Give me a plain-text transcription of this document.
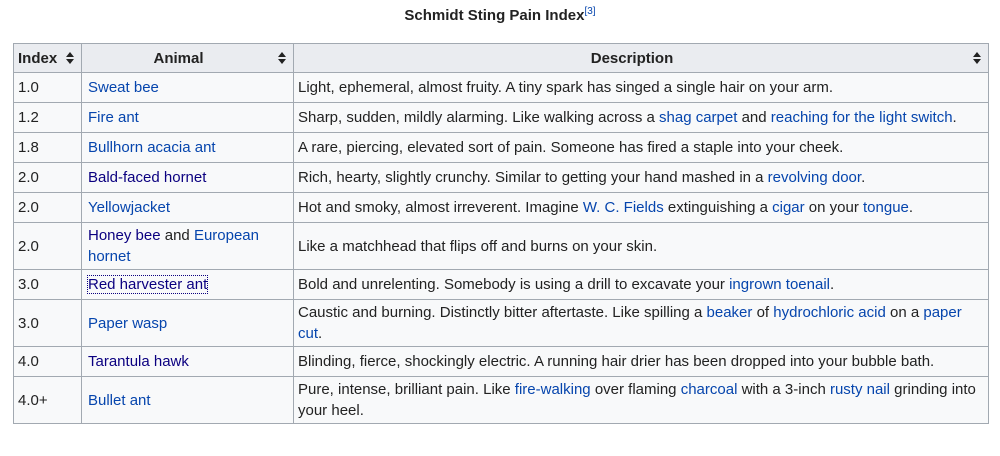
Schmidt Sting Pain Index[3]
Index	Animal	Description

1.0	Sweat bee	Light, ephemeral, almost fruity. A tiny spark has singed a single hair on your arm.
1.2	Fire ant	Sharp, sudden, mildly alarming. Like walking across a shag carpet and reaching for the light switch.
1.8	Bullhorn acacia ant	A rare, piercing, elevated sort of pain. Someone has fired a staple into your cheek.
2.0	Bald-faced hornet	Rich, hearty, slightly crunchy. Similar to getting your hand mashed in a revolving door.
2.0	Yellowjacket	Hot and smoky, almost irreverent. Imagine W. C. Fields extinguishing a cigar on your tongue.
2.0	Honey bee and European hornet	Like a matchhead that flips off and burns on your skin.
3.0	Red harvester ant	Bold and unrelenting. Somebody is using a drill to excavate your ingrown toenail.
3.0	Paper wasp	Caustic and burning. Distinctly bitter aftertaste. Like spilling a beaker of hydrochloric acid on a paper cut.
4.0	Tarantula hawk	Blinding, fierce, shockingly electric. A running hair drier has been dropped into your bubble bath.
4.0+	Bullet ant	Pure, intense, brilliant pain. Like fire-walking over flaming charcoal with a 3-inch rusty nail grinding into your heel.
